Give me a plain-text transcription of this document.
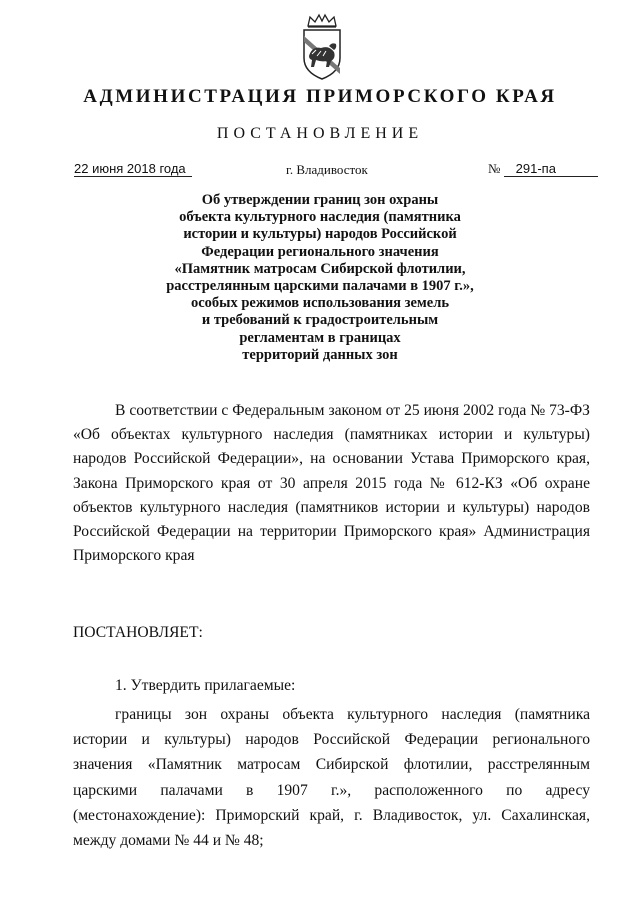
АДМИНИСТРАЦИЯ ПРИМОРСКОГО КРАЯ
ПОСТАНОВЛЕНИЕ
22 июня 2018 года	г. Владивосток	№ 291-па
Об утверждении границ зон охраны
объекта культурного наследия (памятника
истории и культуры) народов Российской
Федерации регионального значения
«Памятник матросам Сибирской флотилии,
расстрелянным царскими палачами в 1907 г.»,
особых режимов использования земель
и требований к градостроительным
регламентам в границах
территорий данных зон
В соответствии с Федеральным законом от 25 июня 2002 года № 73-ФЗ «Об объектах культурного наследия (памятниках истории и культуры) народов Российской Федерации», на основании Устава Приморского края, Закона Приморского края от 30 апреля 2015 года № 612-КЗ «Об охране объектов культурного наследия (памятников истории и культуры) народов Российской Федерации на территории Приморского края» Администрация Приморского края
ПОСТАНОВЛЯЕТ:
1. Утвердить прилагаемые:
границы зон охраны объекта культурного наследия (памятника истории и культуры) народов Российской Федерации регионального значения «Памятник матросам Сибирской флотилии, расстрелянным царскими палачами в 1907 г.», расположенного по адресу (местонахождение): Приморский край, г. Владивосток, ул. Сахалинская, между домами № 44 и № 48;
